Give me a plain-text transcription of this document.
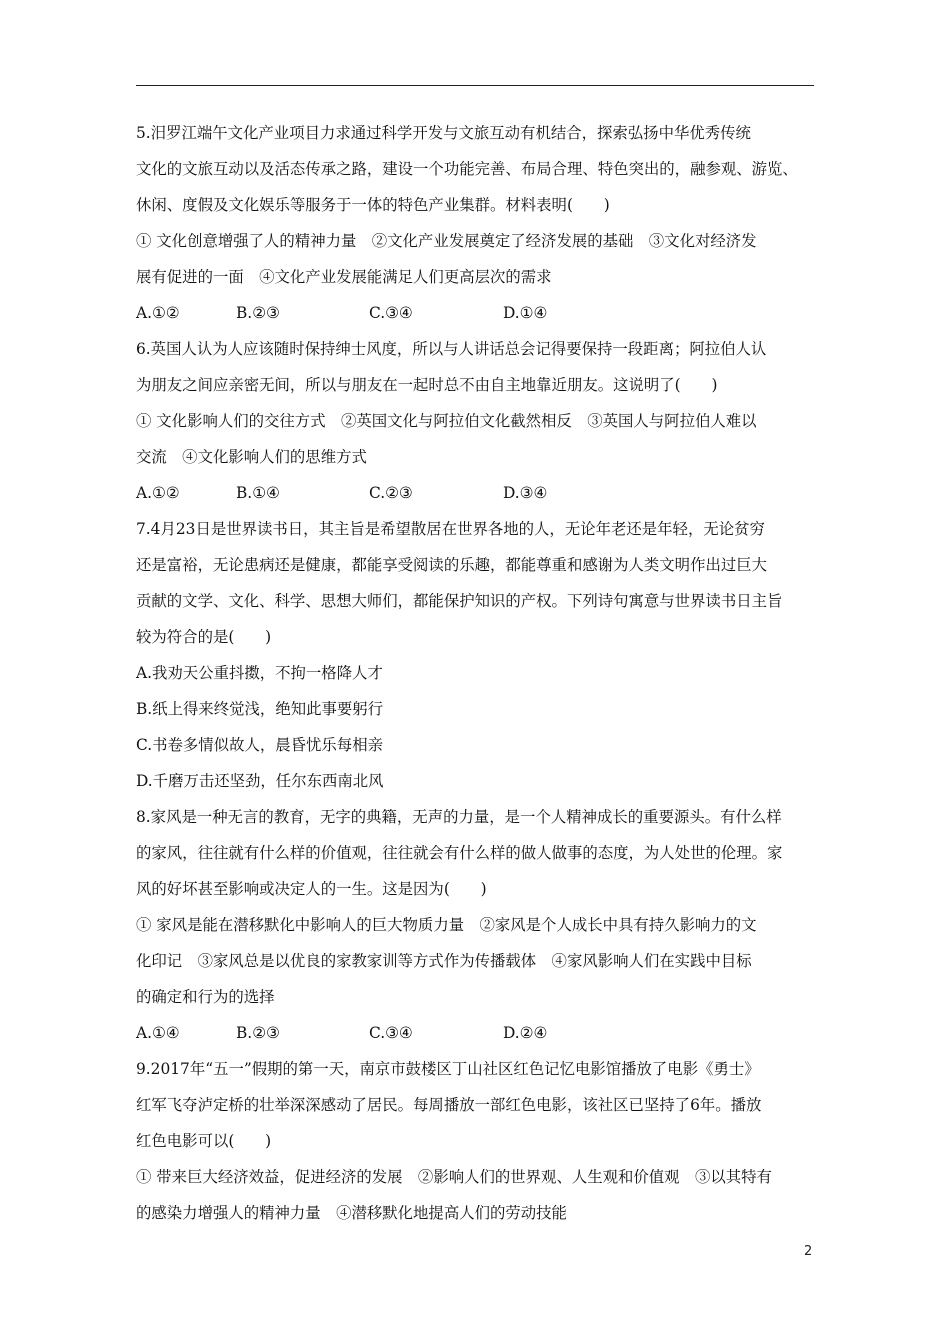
5.汨罗江端午文化产业项目力求通过科学开发与文旅互动有机结合，探索弘扬中华优秀传统
文化的文旅互动以及活态传承之路，建设一个功能完善、布局合理、特色突出的，融参观、游览、
休闲、度假及文化娱乐等服务于一体的特色产业集群。材料表明(　　)
① 文化创意增强了人的精神力量　②文化产业发展奠定了经济发展的基础　③文化对经济发
展有促进的一面　④文化产业发展能满足人们更高层次的需求
A.①②	B.②③	C.③④	D.①④
6.英国人认为人应该随时保持绅士风度，所以与人讲话总会记得要保持一段距离；阿拉伯人认
为朋友之间应亲密无间，所以与朋友在一起时总不由自主地靠近朋友。这说明了(　　)
① 文化影响人们的交往方式　②英国文化与阿拉伯文化截然相反　③英国人与阿拉伯人难以
交流　④文化影响人们的思维方式
A.①②	B.①④	C.②③	D.③④
7.4月23日是世界读书日，其主旨是希望散居在世界各地的人，无论年老还是年轻，无论贫穷
还是富裕，无论患病还是健康，都能享受阅读的乐趣，都能尊重和感谢为人类文明作出过巨大
贡献的文学、文化、科学、思想大师们，都能保护知识的产权。下列诗句寓意与世界读书日主旨
较为符合的是(　　)
A.我劝天公重抖擞，不拘一格降人才
B.纸上得来终觉浅，绝知此事要躬行
C.书卷多情似故人，晨昏忧乐每相亲
D.千磨万击还坚劲，任尔东西南北风
8.家风是一种无言的教育，无字的典籍，无声的力量，是一个人精神成长的重要源头。有什么样
的家风，往往就有什么样的价值观，往往就会有什么样的做人做事的态度，为人处世的伦理。家
风的好坏甚至影响或决定人的一生。这是因为(　　)
① 家风是能在潜移默化中影响人的巨大物质力量　②家风是个人成长中具有持久影响力的文
化印记　③家风总是以优良的家教家训等方式作为传播载体　④家风影响人们在实践中目标
的确定和行为的选择
A.①④	B.②③	C.③④	D.②④
9.2017年“五一”假期的第一天，南京市鼓楼区丁山社区红色记忆电影馆播放了电影《勇士》
红军飞夺泸定桥的壮举深深感动了居民。每周播放一部红色电影，该社区已坚持了6年。播放
红色电影可以(　　)
① 带来巨大经济效益，促进经济的发展　②影响人们的世界观、人生观和价值观　③以其特有
的感染力增强人的精神力量　④潜移默化地提高人们的劳动技能
2
